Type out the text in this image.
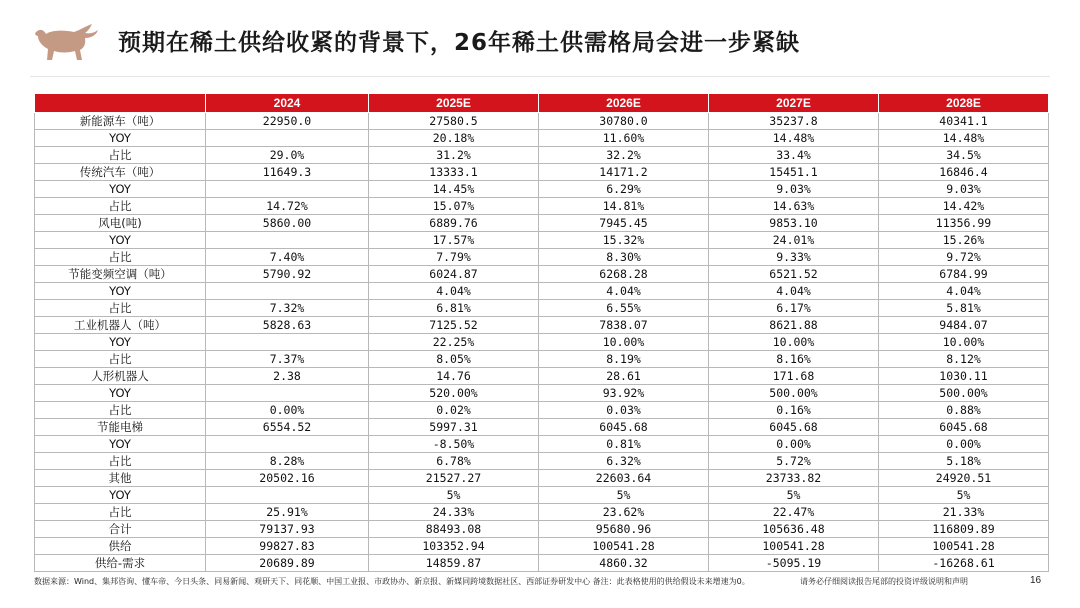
预期在稀土供给收紧的背景下，26年稀土供需格局会进一步紧缺
	2024	2025E	2026E	2027E	2028E
新能源车（吨）	22950.0	27580.5	30780.0	35237.8	40341.1
YOY		20.18%	11.60%	14.48%	14.48%
占比	29.0%	31.2%	32.2%	33.4%	34.5%
传统汽车（吨）	11649.3	13333.1	14171.2	15451.1	16846.4
YOY		14.45%	6.29%	9.03%	9.03%
占比	14.72%	15.07%	14.81%	14.63%	14.42%
风电(吨)	5860.00	6889.76	7945.45	9853.10	11356.99
YOY		17.57%	15.32%	24.01%	15.26%
占比	7.40%	7.79%	8.30%	9.33%	9.72%
节能变频空调（吨）	5790.92	6024.87	6268.28	6521.52	6784.99
YOY		4.04%	4.04%	4.04%	4.04%
占比	7.32%	6.81%	6.55%	6.17%	5.81%
工业机器人（吨）	5828.63	7125.52	7838.07	8621.88	9484.07
YOY		22.25%	10.00%	10.00%	10.00%
占比	7.37%	8.05%	8.19%	8.16%	8.12%
人形机器人	2.38	14.76	28.61	171.68	1030.11
YOY		520.00%	93.92%	500.00%	500.00%
占比	0.00%	0.02%	0.03%	0.16%	0.88%
节能电梯	6554.52	5997.31	6045.68	6045.68	6045.68
YOY		-8.50%	0.81%	0.00%	0.00%
占比	8.28%	6.78%	6.32%	5.72%	5.18%
其他	20502.16	21527.27	22603.64	23733.82	24920.51
YOY		5%	5%	5%	5%
占比	25.91%	24.33%	23.62%	22.47%	21.33%
合计	79137.93	88493.08	95680.96	105636.48	116809.89
供给	99827.83	103352.94	100541.28	100541.28	100541.28
供给-需求	20689.89	14859.87	4860.32	-5095.19	-16268.61
数据来源：Wind、集邦咨询、懂车帝、今日头条、同易新闻、观研天下、同花顺、中国工业报、市政协办、新京报、新媒同跨境数据社区、西部证券研发中心 备注：此表格使用的供给假设未来增速为0。	请务必仔细阅读报告尾部的投资评级说明和声明	16
